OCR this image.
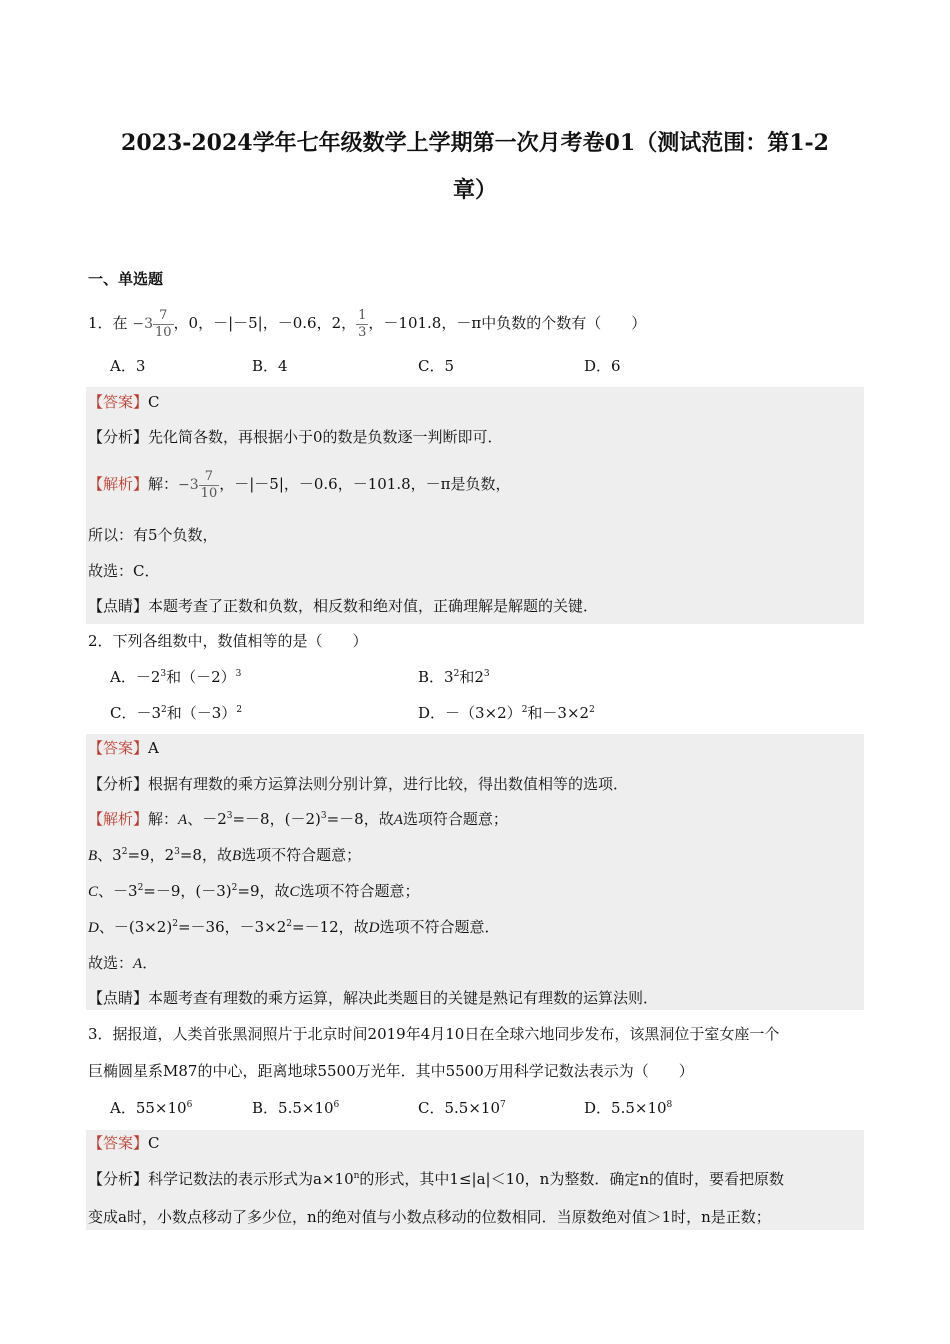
2023-2024学年七年级数学上学期第一次月考卷01（测试范围：第1-2
章）
一、单选题
1．在 $-3 \frac{7}{10}$ ，0，－|－5|，－0.6，2， $\frac{1}{3}$ ，－101.8，－π中负数的个数有（　　）
A．3	B．4	C．5	D．6
【答案】C
【分析】先化简各数，再根据小于0的数是负数逐一判断即可．
【解析】解： $-3 \frac{7}{10}$ ，－|－5|，－0.6，－101.8，－π是负数，
所以：有5个负数，
故选：C．
【点睛】本题考查了正数和负数，相反数和绝对值，正确理解是解题的关键．
2．下列各组数中，数值相等的是（　　）
A．$-2^3$和$(-2)^3$	B．$3^2$和$2^3$
C．$-3^2$和$(-3)^2$	D．$-(3\times 2)^2$和$-3\times 2^2$
【答案】A
【分析】根据有理数的乘方运算法则分别计算，进行比较，得出数值相等的选项．
【解析】解：A、$-2^3=-8$，$(-2)^3=-8$，故A选项符合题意；
B、$3^2=9$，$2^3=8$，故B选项不符合题意；
C、$-3^2=-9$，$(-3)^2=9$，故C选项不符合题意；
D、$-(3\times 2)^2=-36$，$-3\times 2^2=-12$，故D选项不符合题意．
故选：A．
【点睛】本题考查有理数的乘方运算，解决此类题目的关键是熟记有理数的运算法则．
3．据报道，人类首张黑洞照片于北京时间2019年4月10日在全球六地同步发布，该黑洞位于室女座一个
巨椭圆星系M87的中心，距离地球5500万光年．其中5500万用科学记数法表示为（　　）
A．$55\times 10^6$	B．$5.5\times 10^6$	C．$5.5\times 10^7$	D．$5.5\times 10^8$
【答案】C
【分析】科学记数法的表示形式为$a\times 10^n$的形式，其中1≤|a|＜10，n为整数．确定n的值时，要看把原数
变成a时，小数点移动了多少位，n的绝对值与小数点移动的位数相同．当原数绝对值＞1时，n是正数；
